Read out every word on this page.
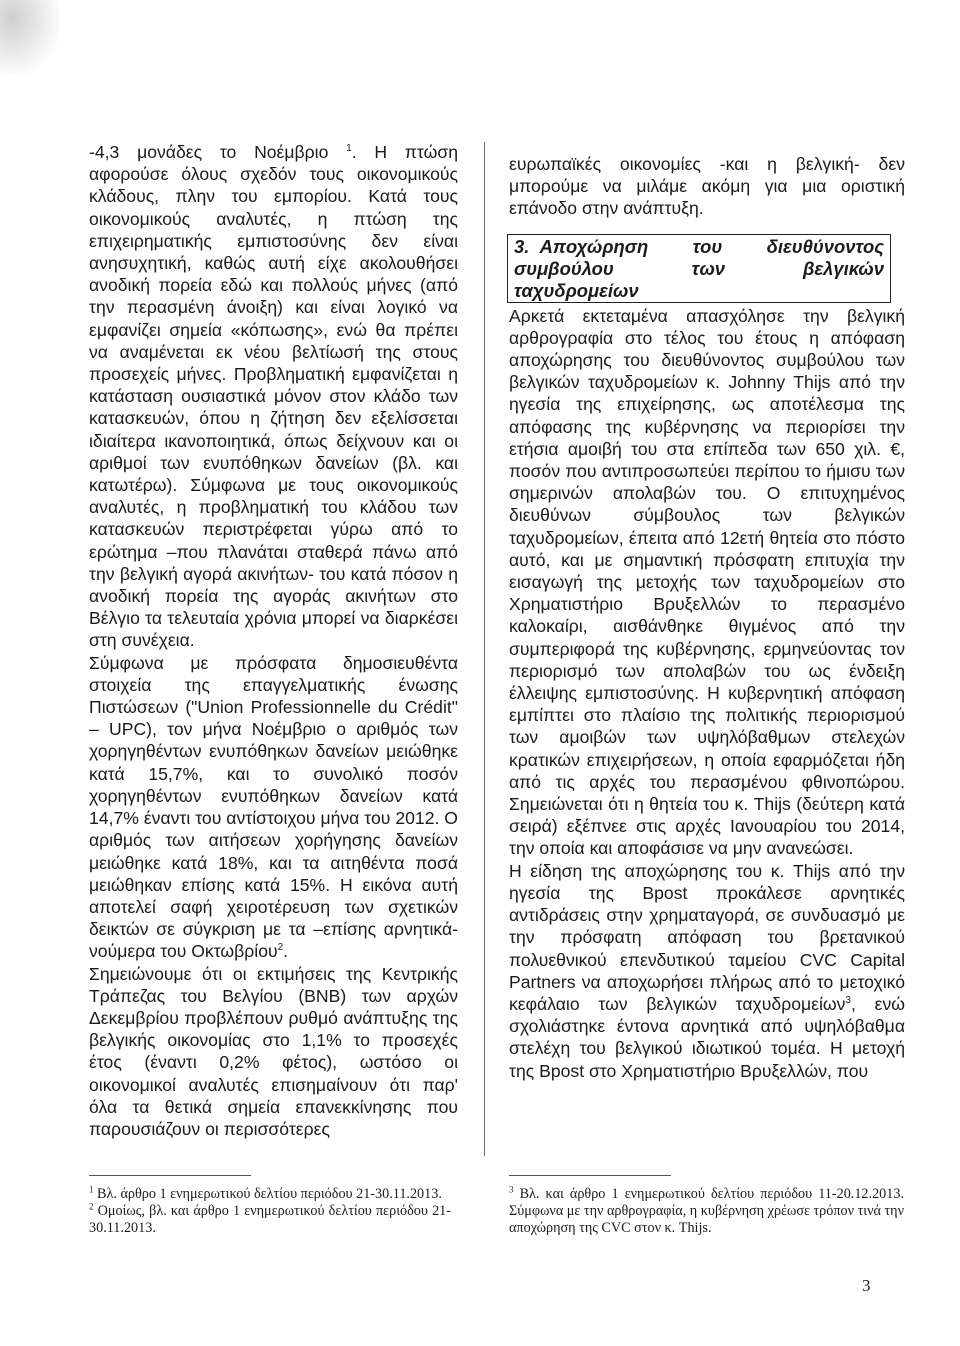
-4,3 μονάδες το Νοέμβριο $^1$. Η πτώση αφορούσε όλους σχεδόν τους οικονομικούς κλάδους, πλην του εμπορίου. Κατά τους οικονομικούς αναλυτές, η πτώση της επιχειρηματικής εμπιστοσύνης δεν είναι ανησυχητική, καθώς αυτή είχε ακολουθήσει ανοδική πορεία εδώ και πολλούς μήνες (από την περασμένη άνοιξη) και είναι λογικό να εμφανίζει σημεία «κόπωσης», ενώ θα πρέπει να αναμένεται εκ νέου βελτίωσή της στους προσεχείς μήνες. Προβληματική εμφανίζεται η κατάσταση ουσιαστικά μόνον στον κλάδο των κατασκευών, όπου η ζήτηση δεν εξελίσσεται ιδιαίτερα ικανοποιητικά, όπως δείχνουν και οι αριθμοί των ενυπόθηκων δανείων (βλ. και κατωτέρω). Σύμφωνα με τους οικονομικούς αναλυτές, η προβληματική του κλάδου των κατασκευών περιστρέφεται γύρω από το ερώτημα –που πλανάται σταθερά πάνω από την βελγική αγορά ακινήτων- του κατά πόσον η ανοδική πορεία της αγοράς ακινήτων στο Βέλγιο τα τελευταία χρόνια μπορεί να διαρκέσει στη συνέχεια.

Σύμφωνα με πρόσφατα δημοσιευθέντα στοιχεία της επαγγελματικής ένωσης Πιστώσεων ("Union Professionnelle du Crédit" – UPC), τον μήνα Νοέμβριο ο αριθμός των χορηγηθέντων ενυπόθηκων δανείων μειώθηκε κατά 15,7%, και το συνολικό ποσόν χορηγηθέντων ενυπόθηκων δανείων κατά 14,7% έναντι του αντίστοιχου μήνα του 2012. Ο αριθμός των αιτήσεων χορήγησης δανείων μειώθηκε κατά 18%, και τα αιτηθέντα ποσά μειώθηκαν επίσης κατά 15%. Η εικόνα αυτή αποτελεί σαφή χειροτέρευση των σχετικών δεικτών σε σύγκριση με τα –επίσης αρνητικά- νούμερα του Οκτωβρίου$^2$.

Σημειώνουμε ότι οι εκτιμήσεις της Κεντρικής Τράπεζας του Βελγίου (BNB) των αρχών Δεκεμβρίου προβλέπουν ρυθμό ανάπτυξης της βελγικής οικονομίας στο 1,1% το προσεχές έτος (έναντι 0,2% φέτος), ωστόσο οι οικονομικοί αναλυτές επισημαίνουν ότι παρ' όλα τα θετικά σημεία επανεκκίνησης που παρουσιάζουν οι περισσότερες

ευρωπαϊκές οικονομίες -και η βελγική- δεν μπορούμε να μιλάμε ακόμη για μια οριστική επάνοδο στην ανάπτυξη.

3. Αποχώρηση του διευθύνοντος
συμβούλου	των	βελγικών
ταχυδρομείων

Αρκετά εκτεταμένα απασχόλησε την βελγική αρθρογραφία στο τέλος του έτους η απόφαση αποχώρησης του διευθύνοντος συμβούλου των βελγικών ταχυδρομείων κ. Johnny Thijs από την ηγεσία της επιχείρησης, ως αποτέλεσμα της απόφασης της κυβέρνησης να περιορίσει την ετήσια αμοιβή του στα επίπεδα των 650 χιλ. €, ποσόν που αντιπροσωπεύει περίπου το ήμισυ των σημερινών απολαβών του. Ο επιτυχημένος διευθύνων σύμβουλος των βελγικών ταχυδρομείων, έπειτα από 12ετή θητεία στο πόστο αυτό, και με σημαντική πρόσφατη επιτυχία την εισαγωγή της μετοχής των ταχυδρομείων στο Χρηματιστήριο Βρυξελλών το περασμένο καλοκαίρι, αισθάνθηκε θιγμένος από την συμπεριφορά της κυβέρνησης, ερμηνεύοντας τον περιορισμό των απολαβών του ως ένδειξη έλλειψης εμπιστοσύνης. Η κυβερνητική απόφαση εμπίπτει στο πλαίσιο της πολιτικής περιορισμού των αμοιβών των υψηλόβαθμων στελεχών κρατικών επιχειρήσεων, η οποία εφαρμόζεται ήδη από τις αρχές του περασμένου φθινοπώρου. Σημειώνεται ότι η θητεία του κ. Thijs (δεύτερη κατά σειρά) εξέπνεε στις αρχές Ιανουαρίου του 2014, την οποία και αποφάσισε να μην ανανεώσει.

Η είδηση της αποχώρησης του κ. Thijs από την ηγεσία της Bpost προκάλεσε αρνητικές αντιδράσεις στην χρηματαγορά, σε συνδυασμό με την πρόσφατη απόφαση του βρετανικού πολυεθνικού επενδυτικού ταμείου CVC Capital Partners να αποχωρήσει πλήρως από το μετοχικό κεφάλαιο των βελγικών ταχυδρομείων$^3$, ενώ σχολιάστηκε έντονα αρνητικά από υψηλόβαθμα στελέχη του βελγικού ιδιωτικού τομέα. Η μετοχή της Bpost στο Χρηματιστήριο Βρυξελλών, που

$^1$ Βλ. άρθρο 1 ενημερωτικού δελτίου περιόδου 21-30.11.2013.

$^2$ Ομοίως, βλ. και άρθρο 1 ενημερωτικού δελτίου περιόδου 21-30.11.2013.

$^3$ Βλ. και άρθρο 1 ενημερωτικού δελτίου περιόδου 11-20.12.2013. Σύμφωνα με την αρθρογραφία, η κυβέρνηση χρέωσε τρόπον τινά την αποχώρηση της CVC στον κ. Thijs.

3
